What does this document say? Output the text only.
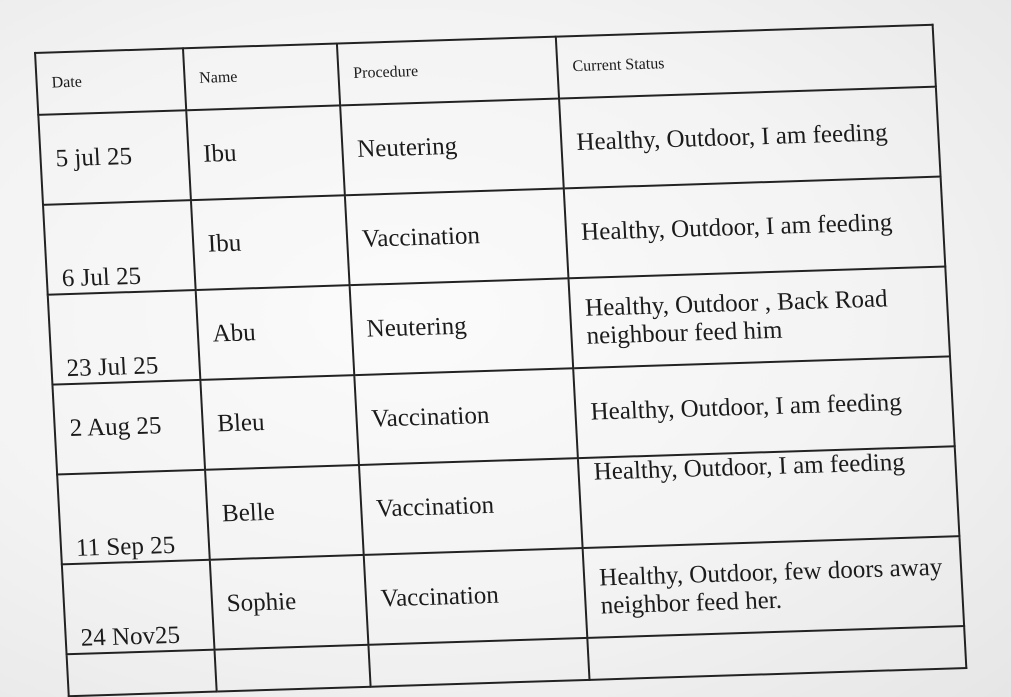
Date	Name	Procedure	Current Status
5 jul 25	Ibu	Neutering	Healthy, Outdoor, I am feeding
6 Jul 25	Ibu	Vaccination	Healthy, Outdoor, I am feeding
23 Jul 25	Abu	Neutering	Healthy, Outdoor , Back Road neighbour feed him
2 Aug 25	Bleu	Vaccination	Healthy, Outdoor, I am feeding
11 Sep 25	Belle	Vaccination	Healthy, Outdoor, I am feeding
24 Nov25	Sophie	Vaccination	Healthy, Outdoor, few doors away neighbor feed her.
